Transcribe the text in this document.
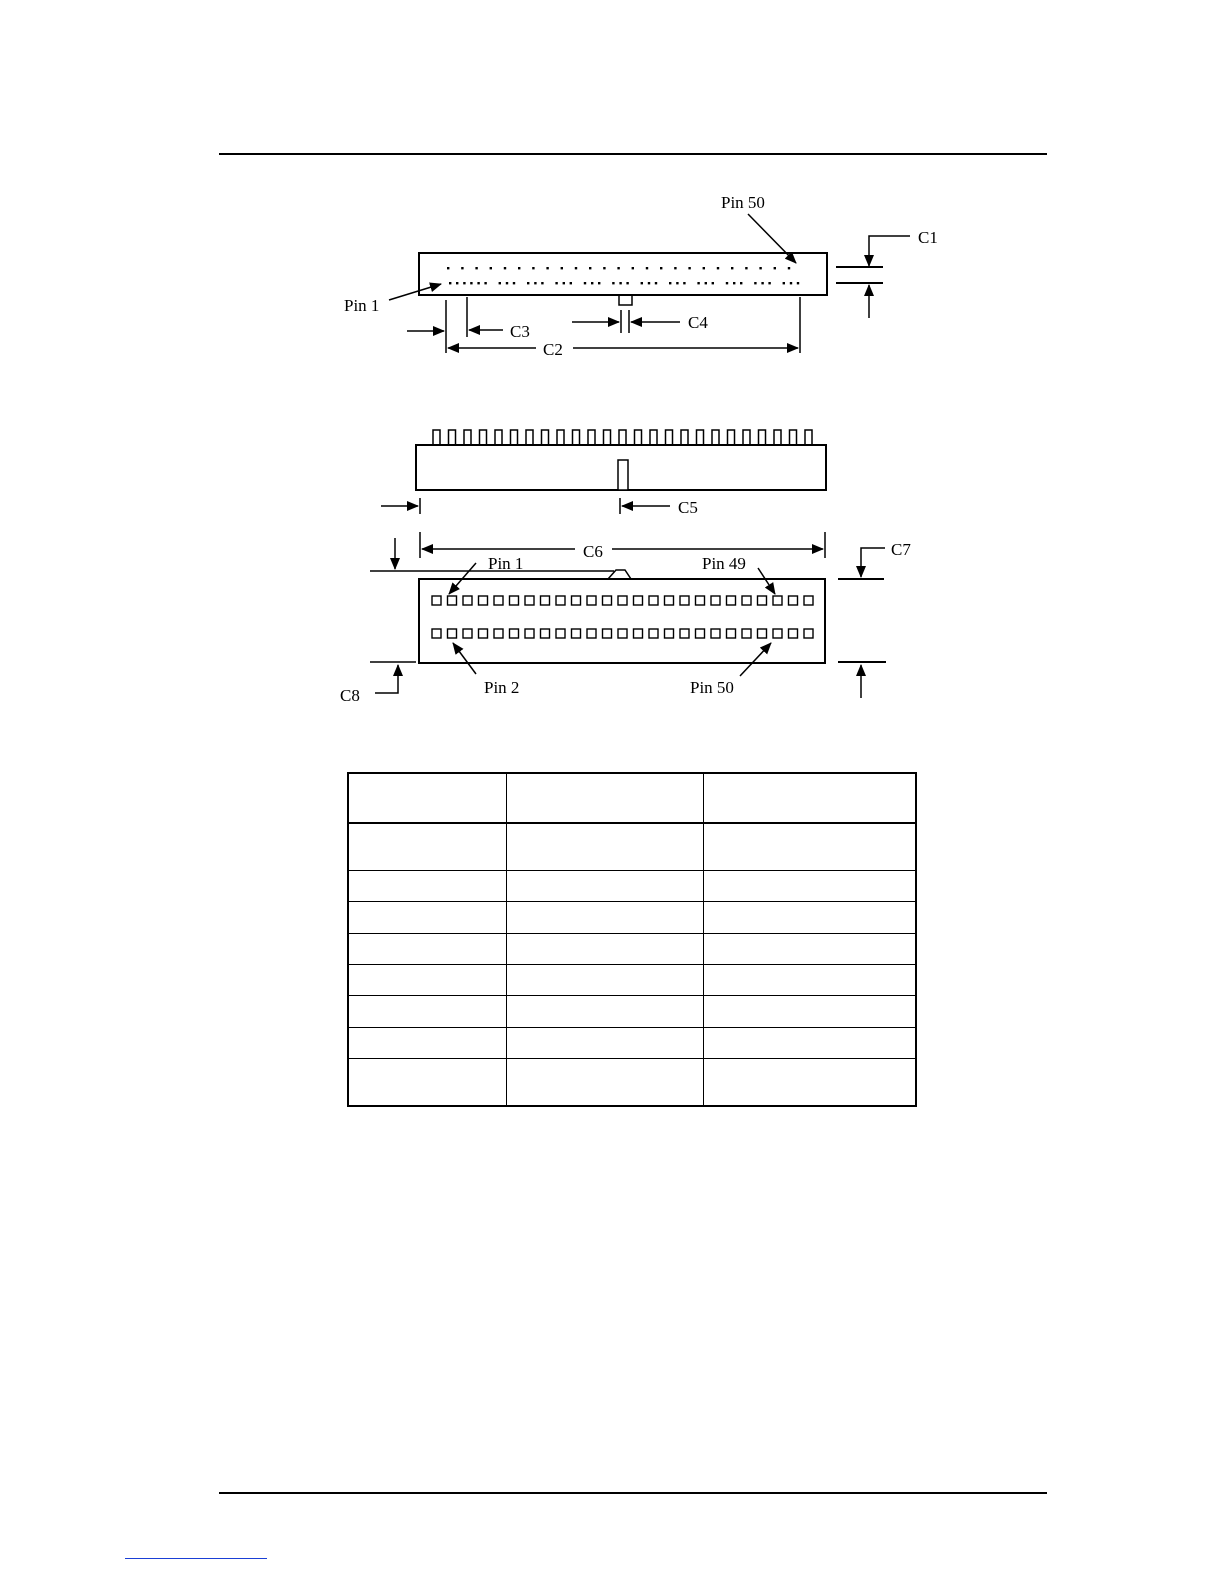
Pin 50
Pin 1
C1
C3	C4
C2
C5
C6
Pin 1	Pin 49
Pin 2	Pin 50
C7
C8
